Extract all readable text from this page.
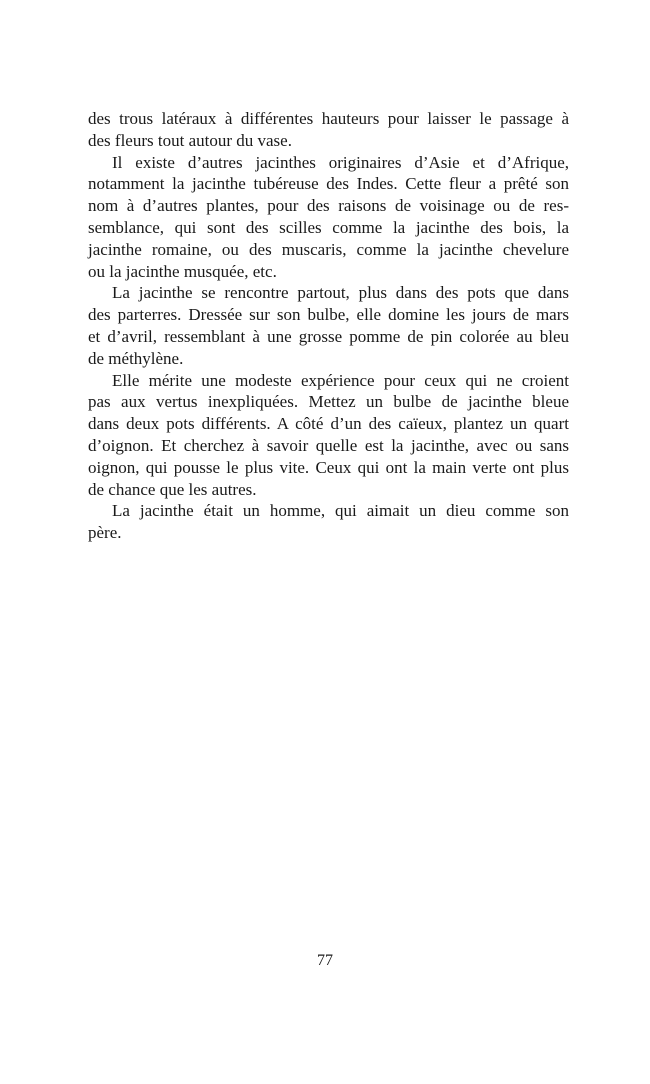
des trous latéraux à différentes hauteurs pour laisser le passage à
des fleurs tout autour du vase.
Il existe d’autres jacinthes originaires d’Asie et d’Afrique,
notamment la jacinthe tubéreuse des Indes. Cette fleur a prêté son
nom à d’autres plantes, pour des raisons de voisinage ou de res-
semblance, qui sont des scilles comme la jacinthe des bois, la
jacinthe romaine, ou des muscaris, comme la jacinthe chevelure
ou la jacinthe musquée, etc.
La jacinthe se rencontre partout, plus dans des pots que dans
des parterres. Dressée sur son bulbe, elle domine les jours de mars
et d’avril, ressemblant à une grosse pomme de pin colorée au bleu
de méthylène.
Elle mérite une modeste expérience pour ceux qui ne croient
pas aux vertus inexpliquées. Mettez un bulbe de jacinthe bleue
dans deux pots différents. A côté d’un des caïeux, plantez un quart
d’oignon. Et cherchez à savoir quelle est la jacinthe, avec ou sans
oignon, qui pousse le plus vite. Ceux qui ont la main verte ont plus
de chance que les autres.
La jacinthe était un homme, qui aimait un dieu comme son
père.
77
